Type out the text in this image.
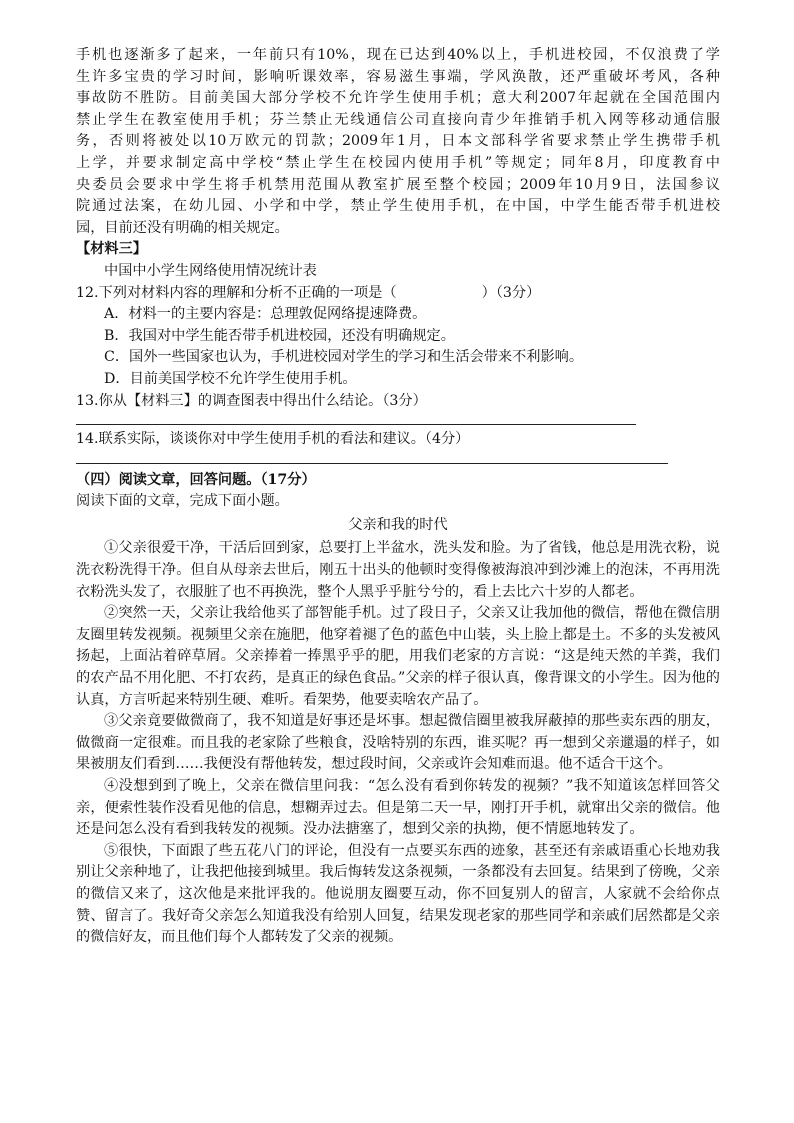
手机也逐渐多了起来，一年前只有10%，现在已达到40%以上，手机进校园，不仅浪费了学

生许多宝贵的学习时间，影响听课效率，容易滋生事端，学风涣散，还严重破坏考风，各种

事故防不胜防。目前美国大部分学校不允许学生使用手机；意大利2007年起就在全国范围内

禁止学生在教室使用手机；芬兰禁止无线通信公司直接向青少年推销手机入网等移动通信服

务，否则将被处以10万欧元的罚款；2009年1月，日本文部科学省要求禁止学生携带手机

上学，并要求制定高中学校“禁止学生在校园内使用手机”等规定；同年8月，印度教育中

央委员会要求中学生将手机禁用范围从教室扩展至整个校园；2009年10月9日，法国参议

院通过法案，在幼儿园、小学和中学，禁止学生使用手机，在中国，中学生能否带手机进校

园，目前还没有明确的相关规定。

【材料三】

中国中小学生网络使用情况统计表

12.下列对材料内容的理解和分析不正确的一项是（　　　　　　）（3分）

A．材料一的主要内容是：总理敦促网络提速降费。

B．我国对中学生能否带手机进校园，还没有明确规定。

C．国外一些国家也认为，手机进校园对学生的学习和生活会带来不利影响。

D．目前美国学校不允许学生使用手机。

13.你从【材料三】的调查图表中得出什么结论。（3分）

14.联系实际，谈谈你对中学生使用手机的看法和建议。（4分）

（四）阅读文章，回答问题。（17分）

阅读下面的文章，完成下面小题。

父亲和我的时代

①父亲很爱干净，干活后回到家，总要打上半盆水，洗头发和脸。为了省钱，他总是用洗衣粉，说洗衣粉洗得干净。但自从母亲去世后，刚五十出头的他顿时变得像被海浪冲到沙滩上的泡沫，不再用洗衣粉洗头发了，衣服脏了也不再换洗，整个人黑乎乎脏兮兮的，看上去比六十岁的人都老。

②突然一天，父亲让我给他买了部智能手机。过了段日子，父亲又让我加他的微信，帮他在微信朋友圈里转发视频。视频里父亲在施肥，他穿着褪了色的蓝色中山装，头上脸上都是土。不多的头发被风扬起，上面沾着碎草屑。父亲捧着一捧黑乎乎的肥，用我们老家的方言说：“这是纯天然的羊粪，我们的农产品不用化肥、不打农药，是真正的绿色食品。”父亲的样子很认真，像背课文的小学生。因为他的认真，方言听起来特别生硬、难听。看架势，他要卖啥农产品了。

③父亲竟要做微商了，我不知道是好事还是坏事。想起微信圈里被我屏蔽掉的那些卖东西的朋友，做微商一定很难。而且我的老家除了些粮食，没啥特别的东西，谁买呢？再一想到父亲邋遢的样子，如果被朋友们看到……我便没有帮他转发，想过段时间，父亲或许会知难而退。他不适合干这个。

④没想到到了晚上，父亲在微信里问我：“怎么没有看到你转发的视频？”我不知道该怎样回答父亲，便索性装作没看见他的信息，想糊弄过去。但是第二天一早，刚打开手机，就窜出父亲的微信。他还是问怎么没有看到我转发的视频。没办法搪塞了，想到父亲的执拗，便不情愿地转发了。

⑤很快，下面跟了些五花八门的评论，但没有一点要买东西的迹象，甚至还有亲戚语重心长地劝我别让父亲种地了，让我把他接到城里。我后悔转发这条视频，一条都没有去回复。结果到了傍晚，父亲的微信又来了，这次他是来批评我的。他说朋友圈要互动，你不回复别人的留言，人家就不会给你点赞、留言了。我好奇父亲怎么知道我没有给别人回复，结果发现老家的那些同学和亲戚们居然都是父亲的微信好友，而且他们每个人都转发了父亲的视频。
